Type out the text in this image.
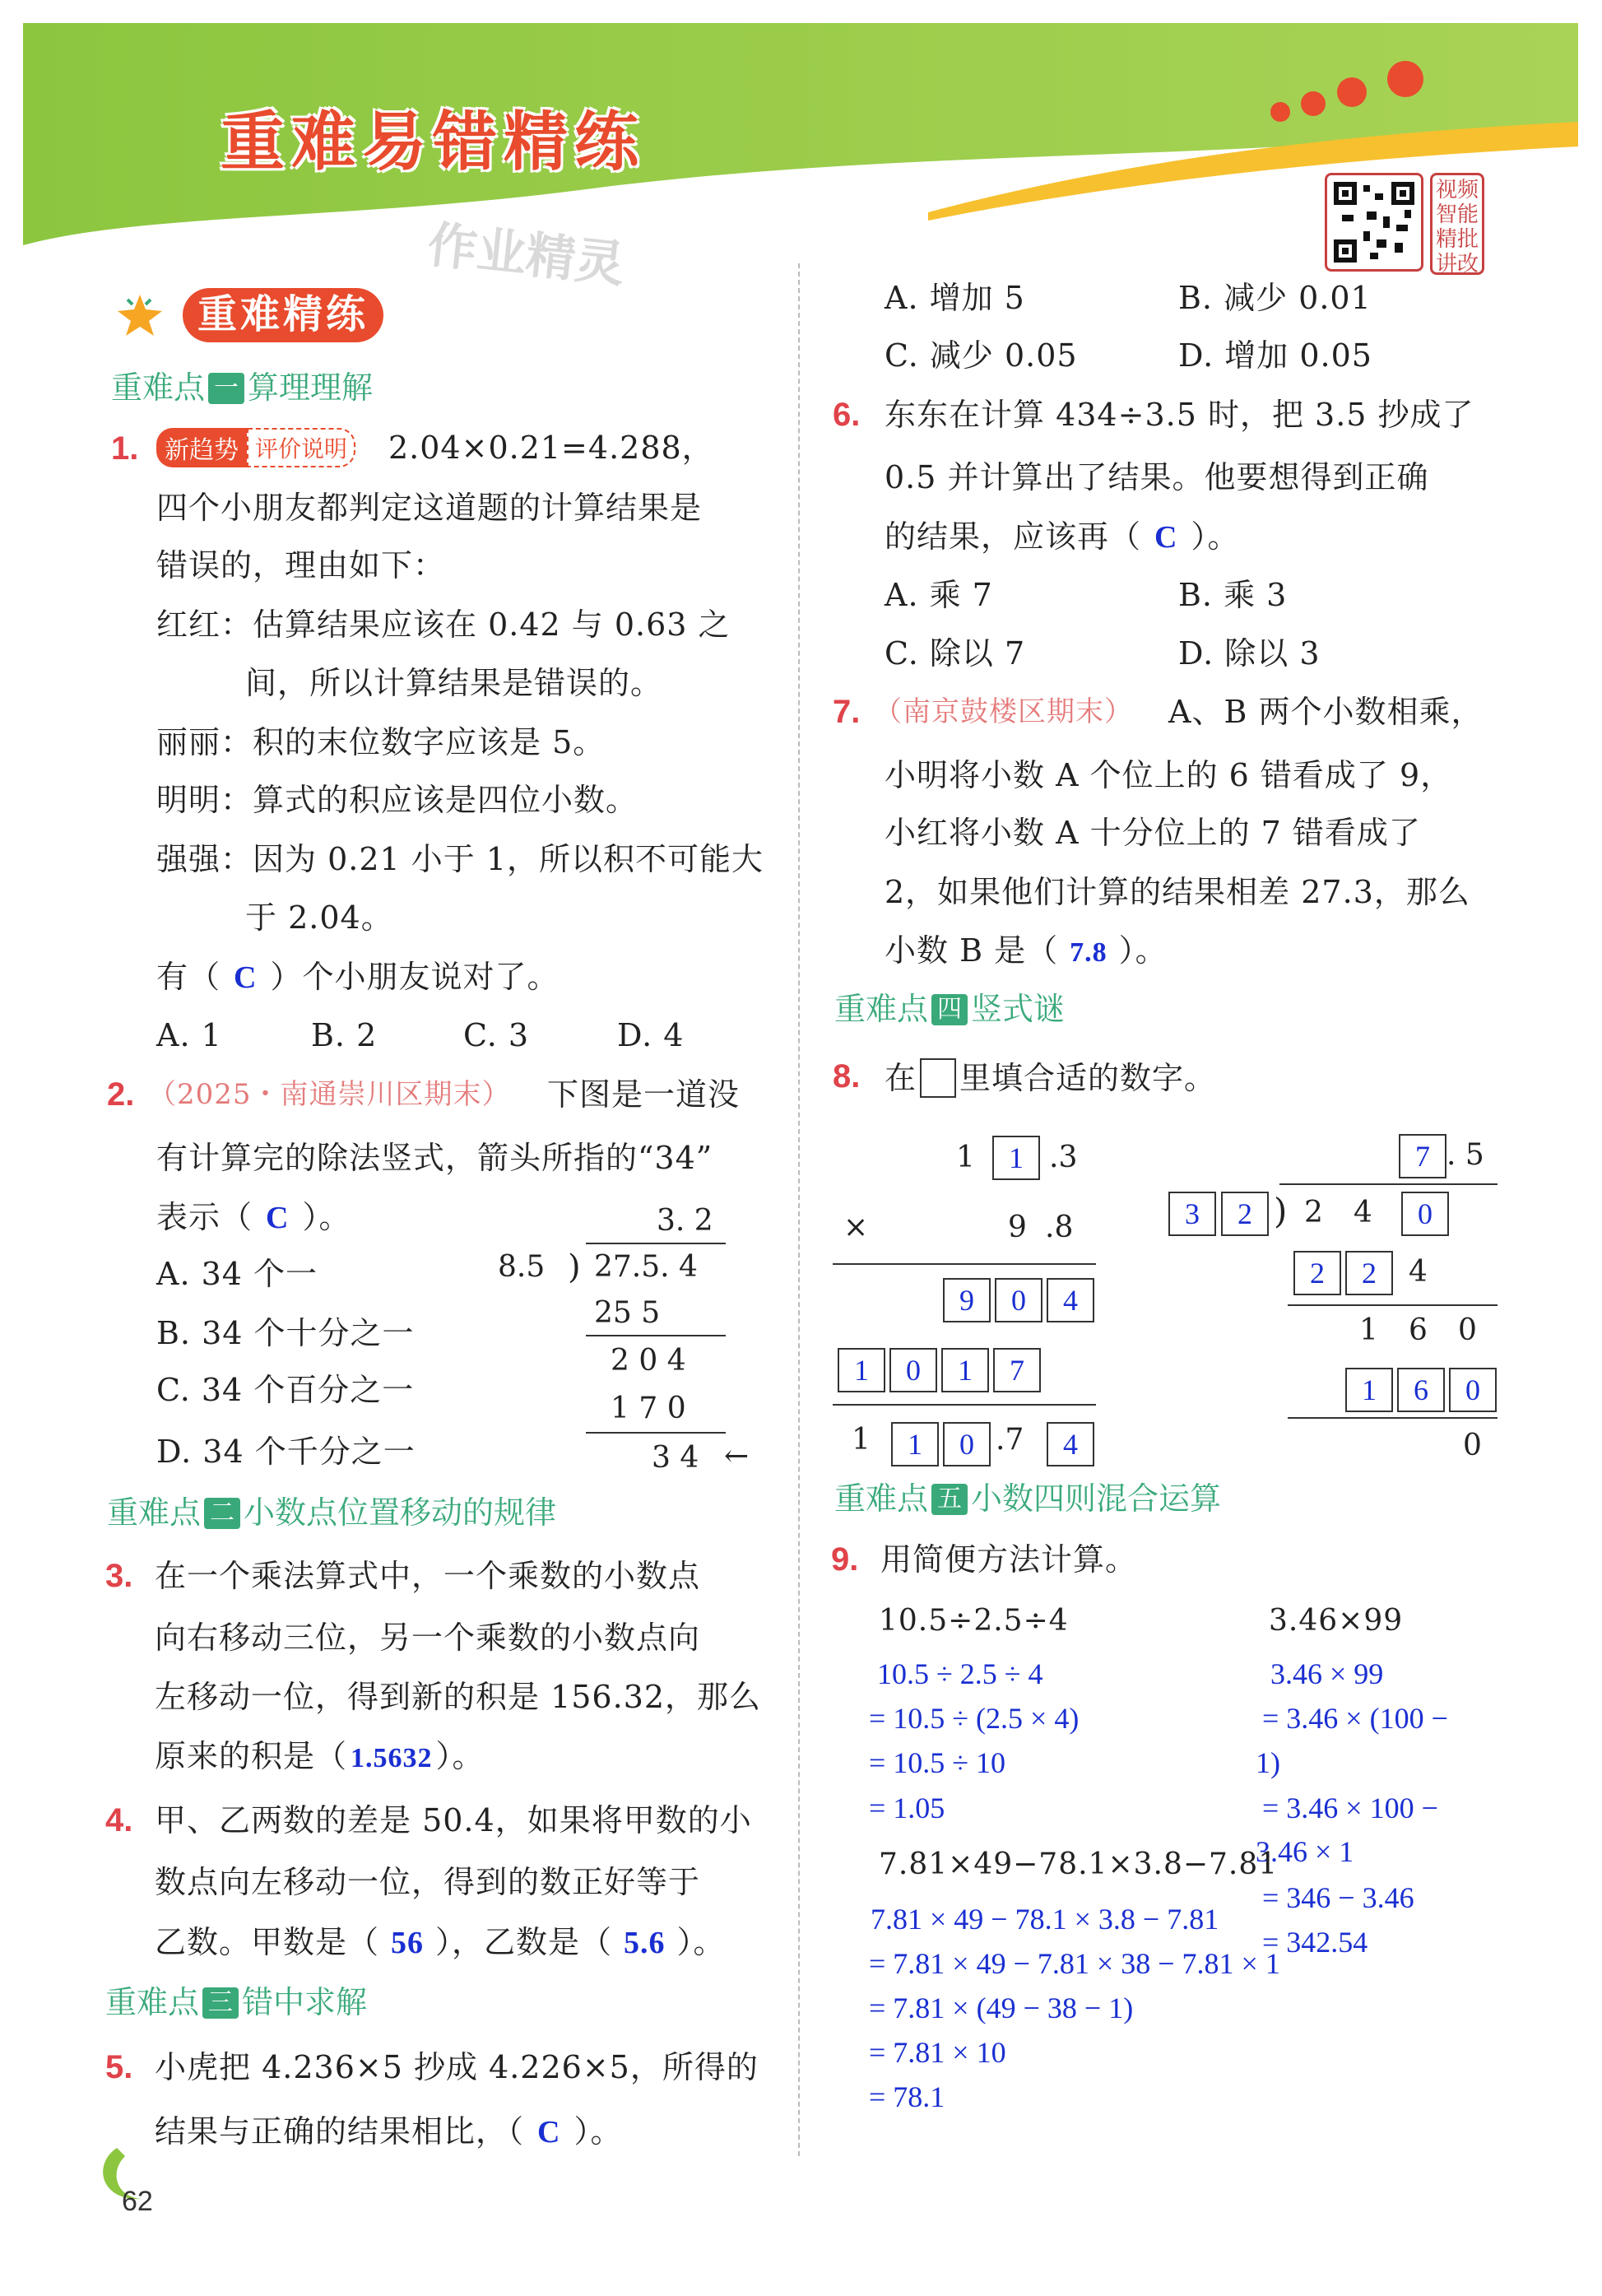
重难易错精练
作业精灵
视频智能精批讲改
重难精练
重难点 一 算理理解
1.	新趋势 评价说明 2.04×0.21=4.288，
四个小朋友都判定这道题的计算结果是
错误的，理由如下：
红红：估算结果应该在 0.42 与 0.63 之
间，所以计算结果是错误的。
丽丽：积的末位数字应该是 5。
明明：算式的积应该是四位小数。
强强：因为 0.21 小于 1，所以积不可能大
于 2.04。
有（ C ）个小朋友说对了。
A. 1	B. 2	C. 3	D. 4
2. （2025・南通崇川区期末） 下图是一道没
有计算完的除法竖式，箭头所指的“34”
表示（ C ）。
A. 34 个一
B. 34 个十分之一
C. 34 个百分之一
D. 34 个千分之一
3. 2
8.5 ) 27.5. 4
25 5
2 0 4
1 7 0
3 4 ←
重难点 二 小数点位置移动的规律
3. 在一个乘法算式中，一个乘数的小数点
向右移动三位，另一个乘数的小数点向
左移动一位，得到新的积是 156.32，那么
原来的积是（ 1.5632 ）。
4. 甲、乙两数的差是 50.4，如果将甲数的小
数点向左移动一位，得到的数正好等于
乙数。甲数是（ 56 ），乙数是（ 5.6 ）。
重难点 三 错中求解
5. 小虎把 4.236×5 抄成 4.226×5，所得的
结果与正确的结果相比，（ C ）。
62
A. 增加 5	B. 减少 0.01
C. 减少 0.05	D. 增加 0.05
6. 东东在计算 434÷3.5 时，把 3.5 抄成了
0.5 并计算出了结果。他要想得到正确
的结果，应该再（ C ）。
A. 乘 7	B. 乘 3
C. 除以 7	D. 除以 3
7. （南京鼓楼区期末） A、B 两个小数相乘，
小明将小数 A 个位上的 6 错看成了 9，
小红将小数 A 十分位上的 7 错看成了
2，如果他们计算的结果相差 27.3，那么
小数 B 是（ 7.8 ）。
重难点 四 竖式谜
8. 在 里填合适的数字。
1	1 .3
×	9 .8
9	0	4
1	0	1	7
1	1	0 .7	4
7 . 5
3	2 ) 2 4	0
2	2	4
1 6 0
1	6	0
0
重难点 五 小数四则混合运算
9. 用简便方法计算。
10.5÷2.5÷4
10.5 ÷ 2.5 ÷ 4
= 10.5 ÷ (2.5 × 4)
= 10.5 ÷ 10
= 1.05
3.46×99
3.46 × 99
= 3.46 × (100 −
1)
= 3.46 × 100 −
3.46 × 1
= 346 − 3.46
= 342.54
7.81×49−78.1×3.8−7.81
7.81 × 49 − 78.1 × 3.8 − 7.81
= 7.81 × 49 − 7.81 × 38 − 7.81 × 1
= 7.81 × (49 − 38 − 1)
= 7.81 × 10
= 78.1
